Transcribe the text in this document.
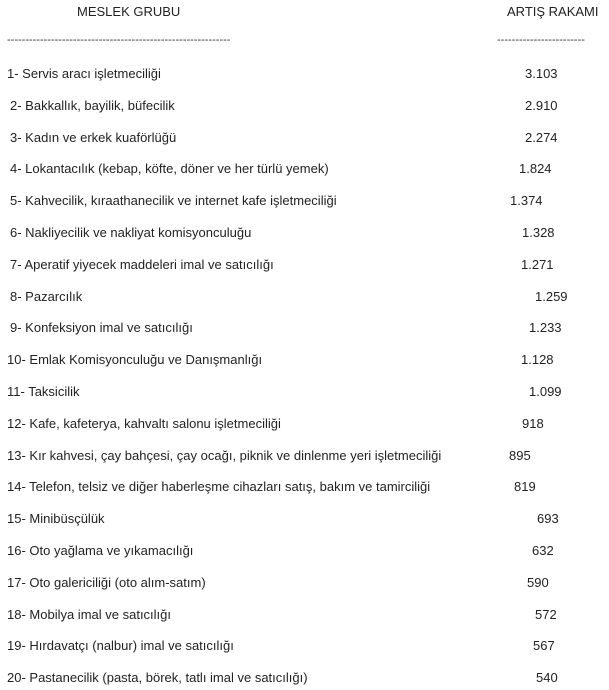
MESLEK GRUBU	ARTIŞ RAKAMI
-------------------------------------------------------------	------------------------
1- Servis aracı işletmeciliği	3.103
2- Bakkallık, bayilik, büfecilik	2.910
3- Kadın ve erkek kuaförlüğü	2.274
4- Lokantacılık (kebap, köfte, döner ve her türlü yemek)	1.824
5- Kahvecilik, kıraathanecilik ve internet kafe işletmeciliği	1.374
6- Nakliyecilik ve nakliyat komisyonculuğu	1.328
7- Aperatif yiyecek maddeleri imal ve satıcılığı	1.271
8- Pazarcılık	1.259
9- Konfeksiyon imal ve satıcılığı	1.233
10- Emlak Komisyonculuğu ve Danışmanlığı	1.128
11- Taksicilik	1.099
12- Kafe, kafeterya, kahvaltı salonu işletmeciliği	918
13- Kır kahvesi, çay bahçesi, çay ocağı, piknik ve dinlenme yeri işletmeciliği	895
14- Telefon, telsiz ve diğer haberleşme cihazları satış, bakım ve tamirciliği	819
15- Minibüsçülük	693
16- Oto yağlama ve yıkamacılığı	632
17- Oto galericiliği (oto alım-satım)	590
18- Mobilya imal ve satıcılığı	572
19- Hırdavatçı (nalbur) imal ve satıcılığı	567
20- Pastanecilik (pasta, börek, tatlı imal ve satıcılığı)	540
